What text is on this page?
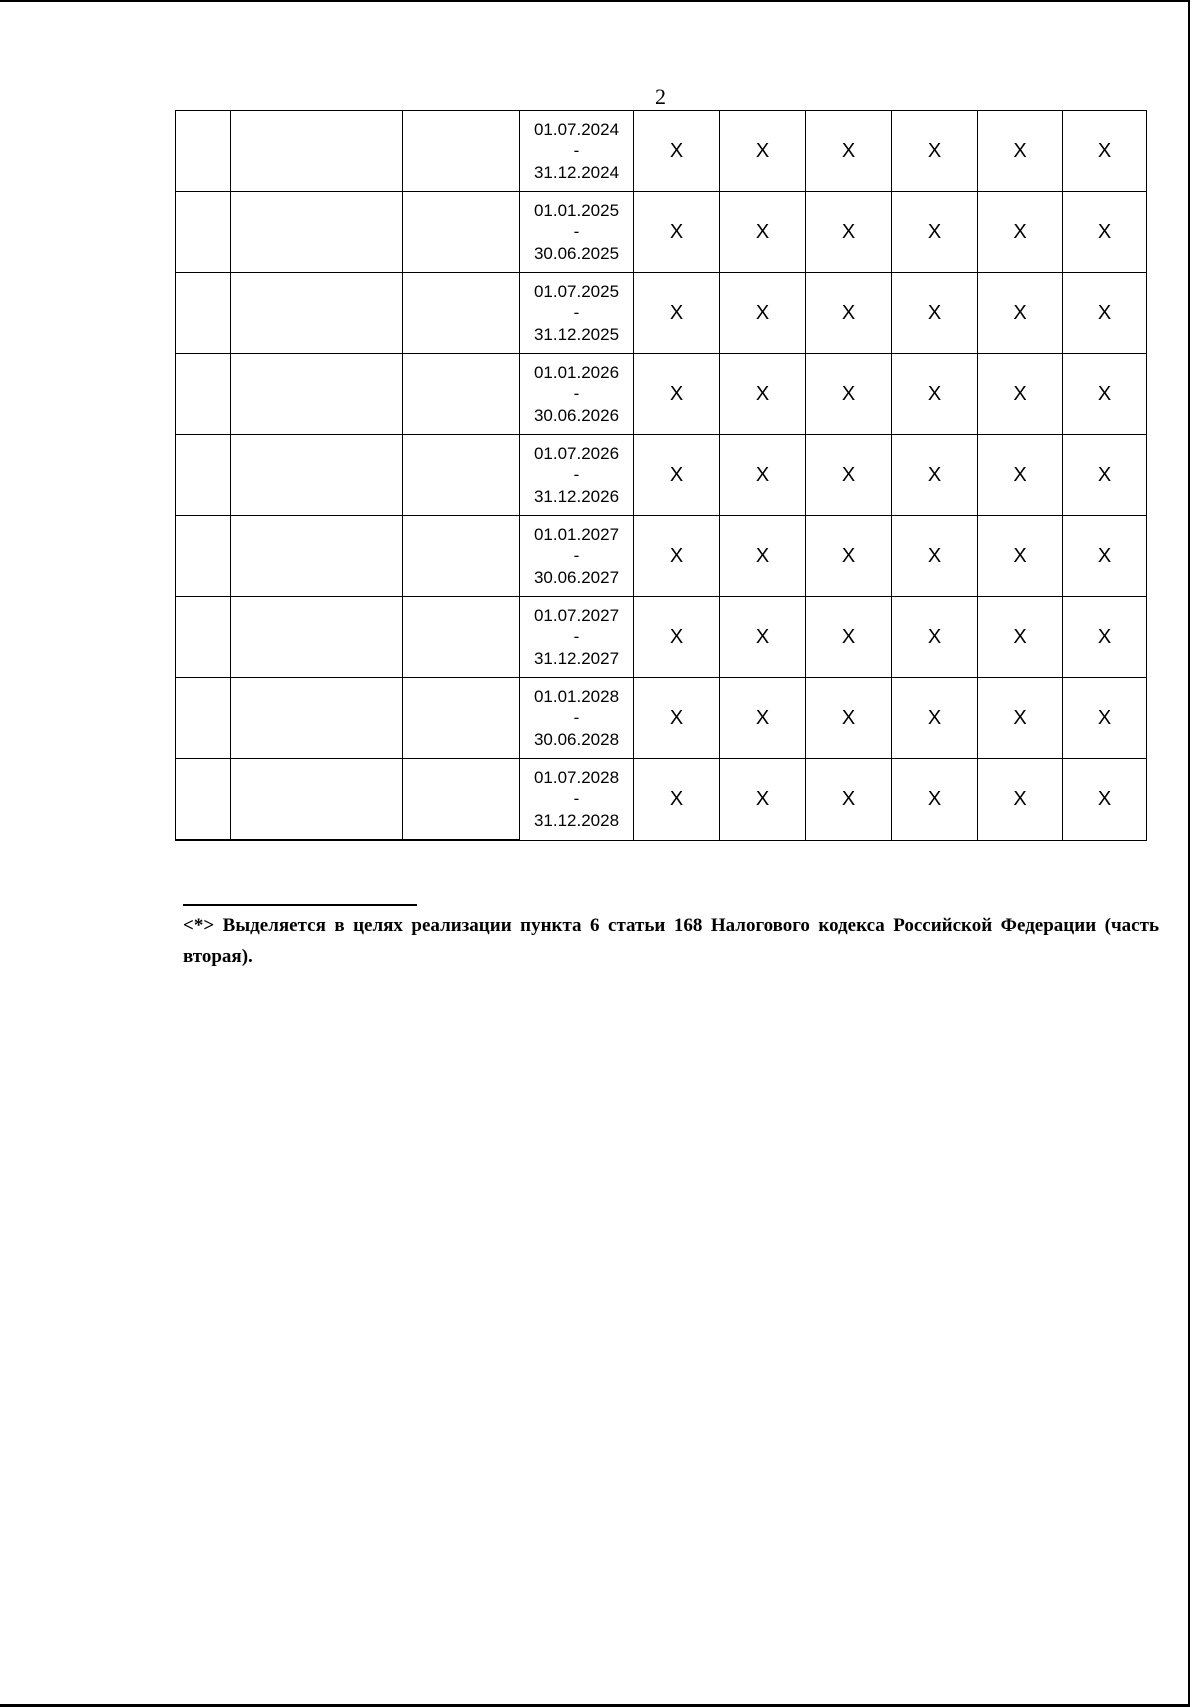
2

			01.07.2024
-
31.12.2024	X	X	X	X	X	X

			01.01.2025
-
30.06.2025	X	X	X	X	X	X

			01.07.2025
-
31.12.2025	X	X	X	X	X	X

			01.01.2026
-
30.06.2026	X	X	X	X	X	X

			01.07.2026
-
31.12.2026	X	X	X	X	X	X

			01.01.2027
-
30.06.2027	X	X	X	X	X	X

			01.07.2027
-
31.12.2027	X	X	X	X	X	X

			01.01.2028
-
30.06.2028	X	X	X	X	X	X

			01.07.2028
-
31.12.2028	X	X	X	X	X	X
<*> Выделяется в целях реализации пункта 6 статьи 168 Налогового кодекса Российской Федерации (часть вторая).
